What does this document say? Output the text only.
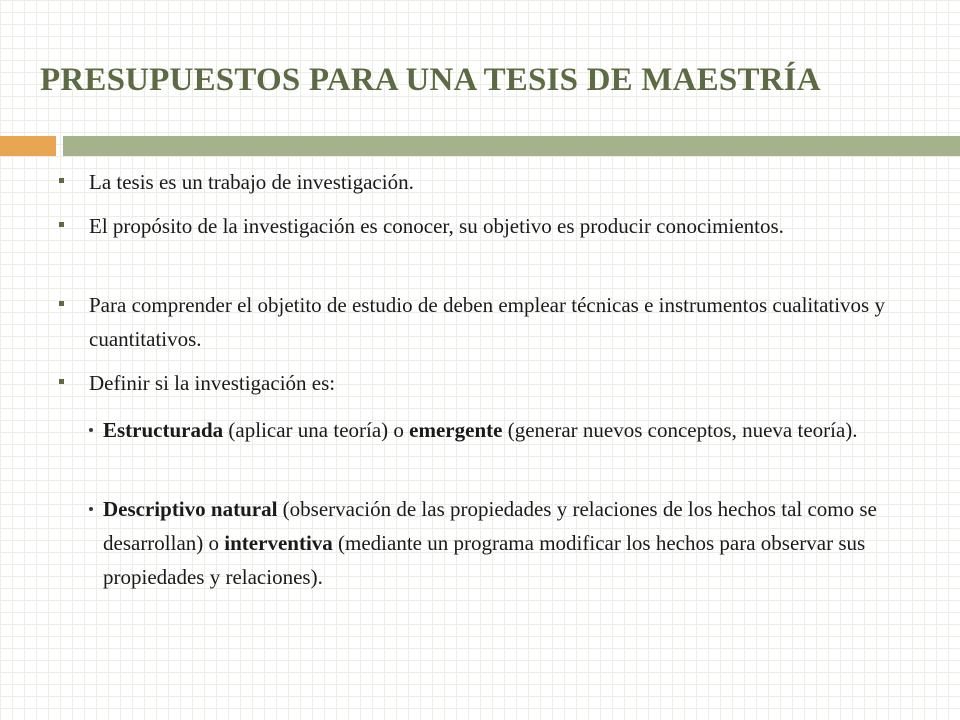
PRESUPUESTOS PARA UNA TESIS DE MAESTRÍA
La tesis es un trabajo de investigación.
El propósito de la investigación es conocer, su objetivo es producir conocimientos.
Para comprender el objetito de estudio de deben emplear técnicas e instrumentos cualitativos y cuantitativos.
Definir si la investigación es:
Estructurada (aplicar una teoría) o emergente (generar nuevos conceptos, nueva teoría).
Descriptivo natural (observación de las propiedades y relaciones de los hechos tal como se desarrollan) o interventiva (mediante un programa modificar los hechos para observar sus propiedades y relaciones).
